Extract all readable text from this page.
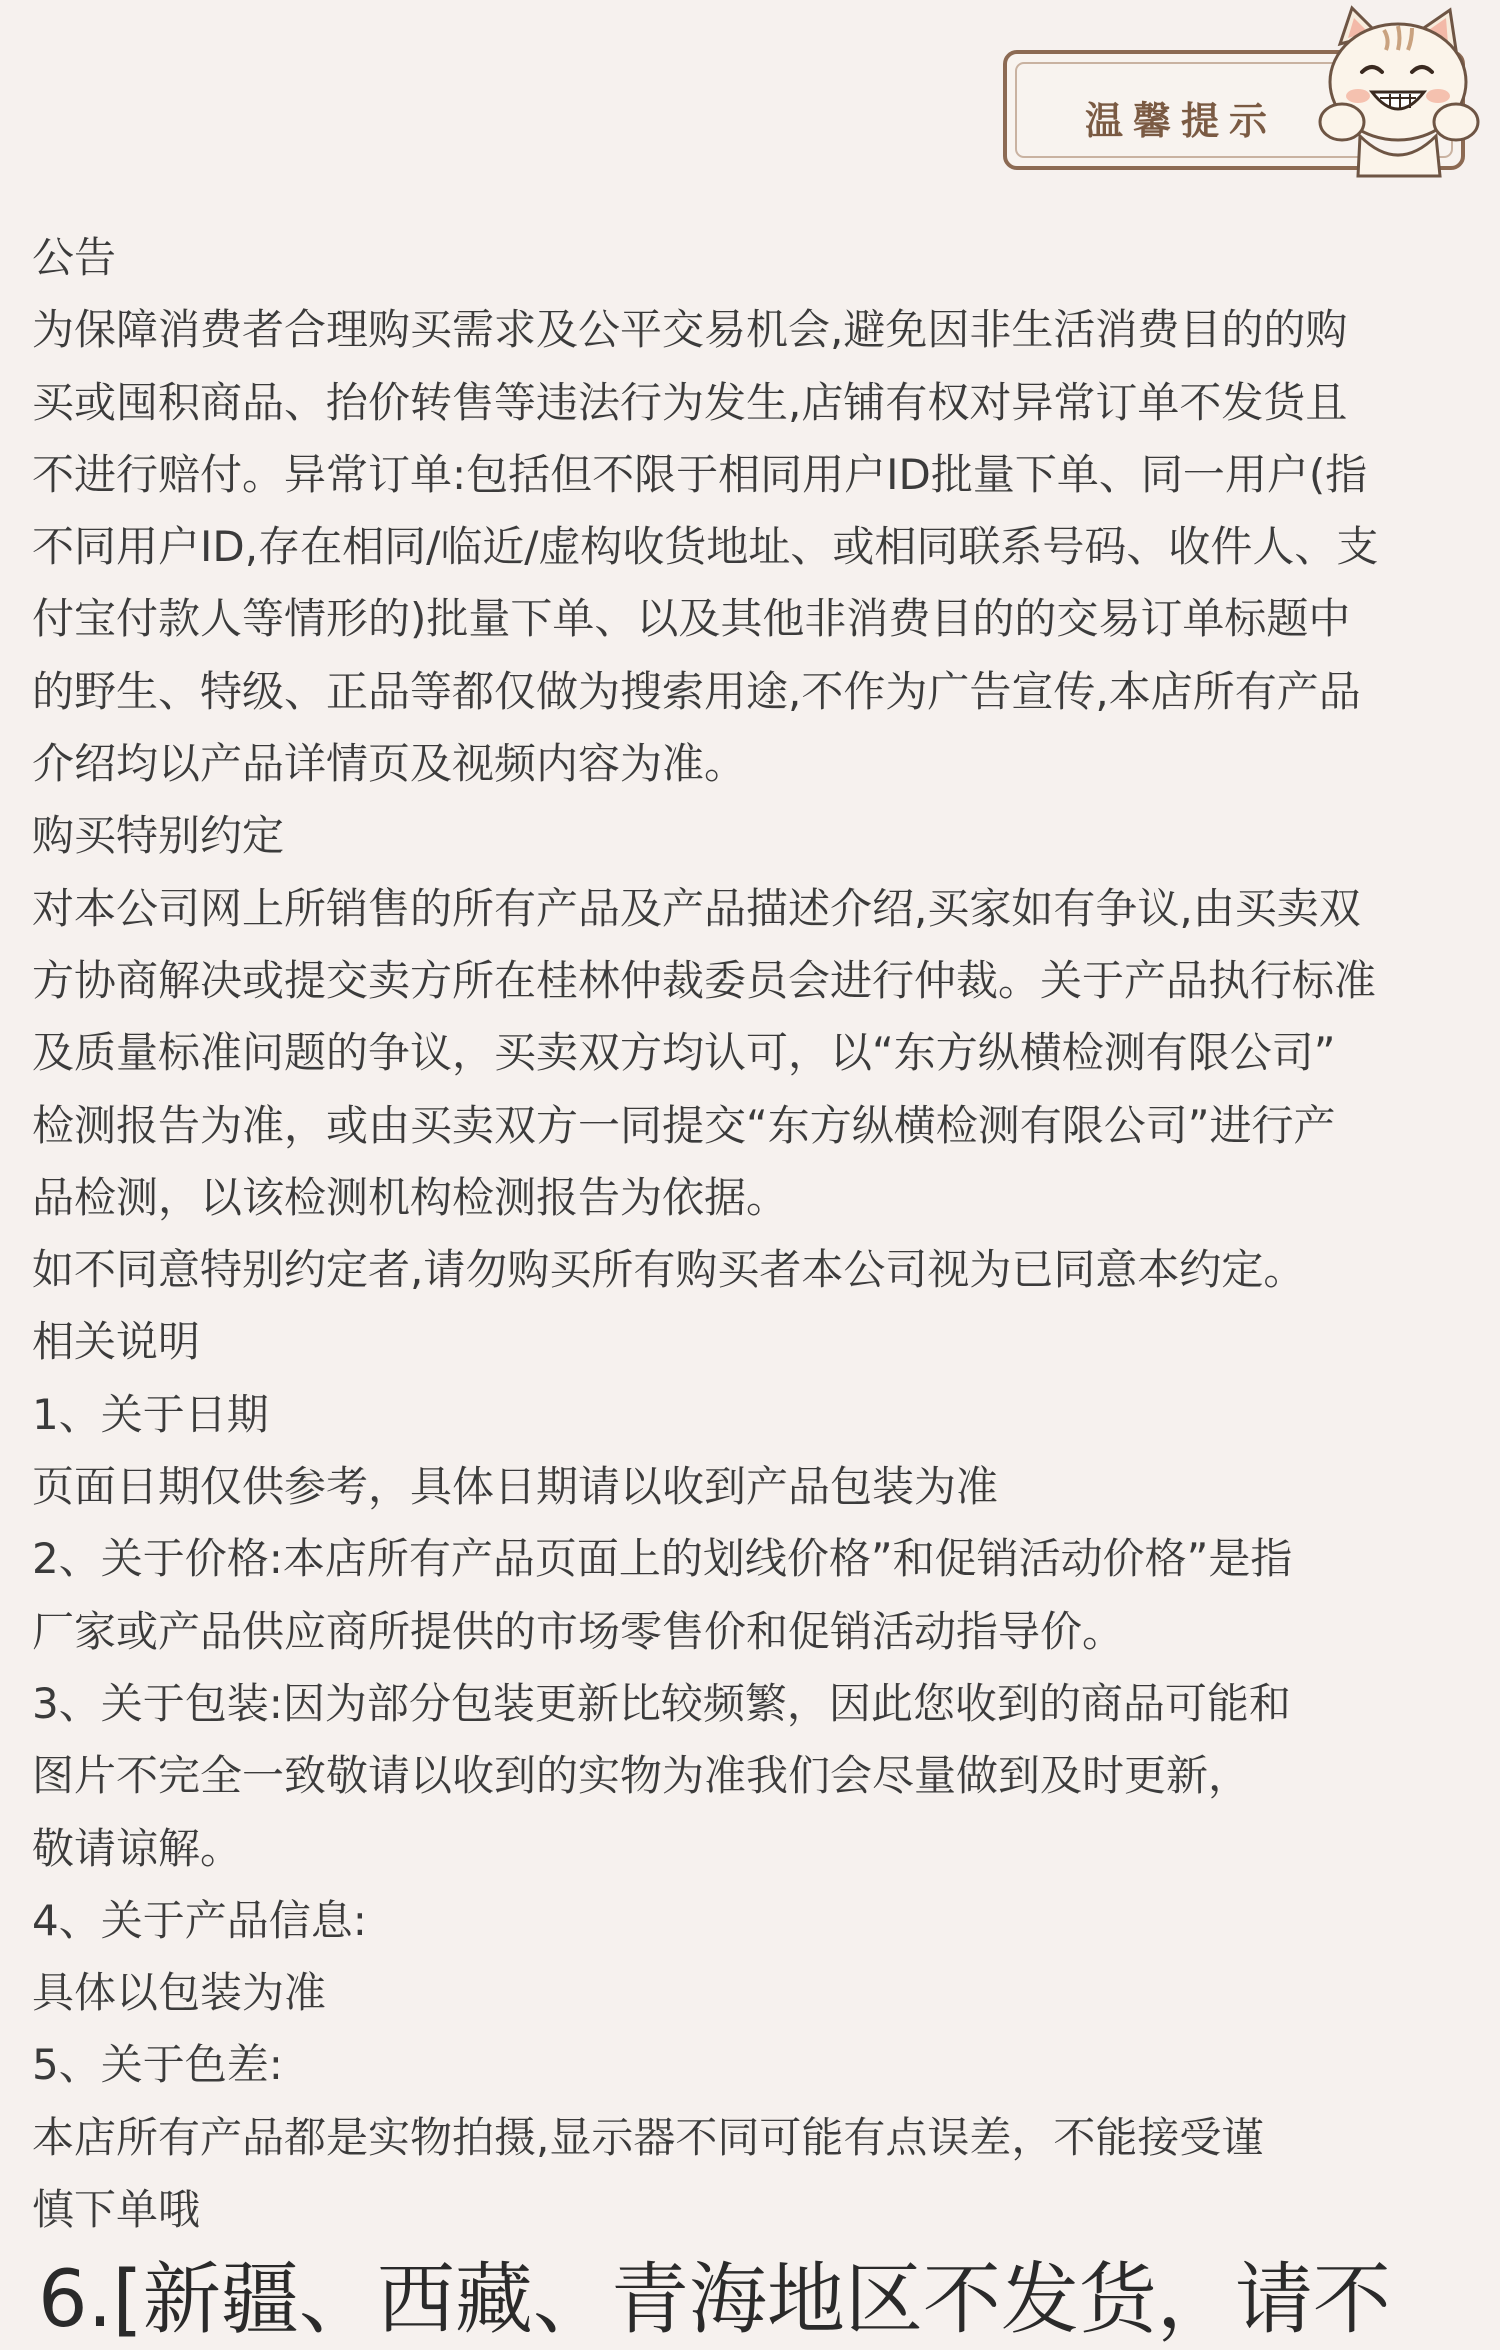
温馨提示
公告
为保障消费者合理购买需求及公平交易机会,避免因非生活消费目的的购
买或囤积商品、抬价转售等违法行为发生,店铺有权对异常订单不发货且
不进行赔付。异常订单:包括但不限于相同用户ID批量下单、同一用户(指
不同用户ID,存在相同/临近/虚构收货地址、或相同联系号码、收件人、支
付宝付款人等情形的)批量下单、以及其他非消费目的的交易订单标题中
的野生、特级、正品等都仅做为搜索用途,不作为广告宣传,本店所有产品
介绍均以产品详情页及视频内容为准。
购买特别约定
对本公司网上所销售的所有产品及产品描述介绍,买家如有争议,由买卖双
方协商解决或提交卖方所在桂林仲裁委员会进行仲裁。关于产品执行标准
及质量标准问题的争议，买卖双方均认可，以“东方纵横检测有限公司”
检测报告为准，或由买卖双方一同提交“东方纵横检测有限公司”进行产
品检测，以该检测机构检测报告为依据。
如不同意特别约定者,请勿购买所有购买者本公司视为已同意本约定。
相关说明
1、关于日期
页面日期仅供参考，具体日期请以收到产品包装为准
2、关于价格:本店所有产品页面上的划线价格”和促销活动价格”是指
厂家或产品供应商所提供的市场零售价和促销活动指导价。
3、关于包装:因为部分包装更新比较频繁，因此您收到的商品可能和
图片不完全一致敬请以收到的实物为准我们会尽量做到及时更新，
敬请谅解。
4、关于产品信息:
具体以包装为准
5、关于色差:
本店所有产品都是实物拍摄,显示器不同可能有点误差，不能接受谨
慎下单哦
6.[新疆、西藏、青海地区不发货，请不
